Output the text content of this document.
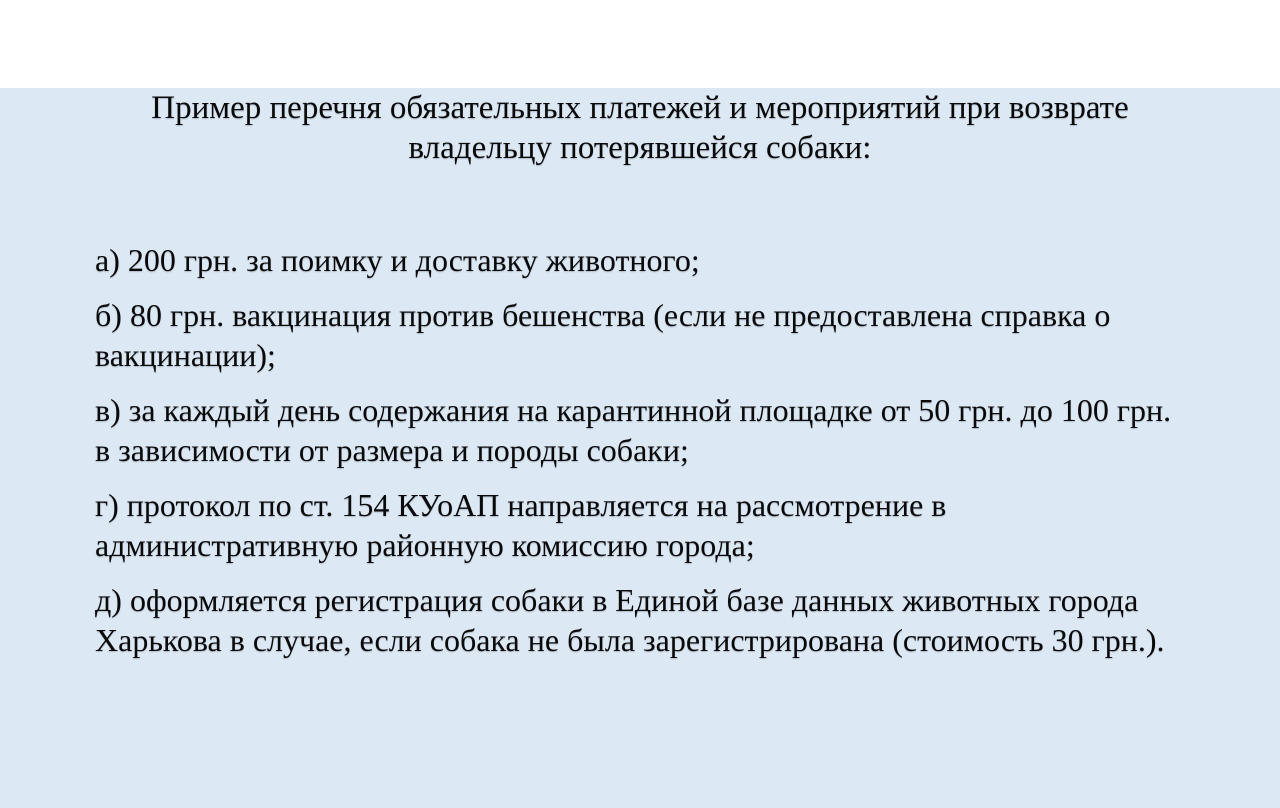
Пример перечня обязательных платежей и мероприятий при возврате владельцу потерявшейся собаки:

а) 200 грн. за поимку и доставку животного;

б) 80 грн. вакцинация против бешенства (если не предоставлена справка о вакцинации);

в) за каждый день содержания на карантинной площадке от 50 грн. до 100 грн. в зависимости от размера и породы собаки;

г) протокол по ст. 154 КУоАП направляется на рассмотрение в административную районную комиссию города;

д) оформляется регистрация собаки в Единой базе данных животных города Харькова в случае, если собака не была зарегистрирована (стоимость 30 грн.).
